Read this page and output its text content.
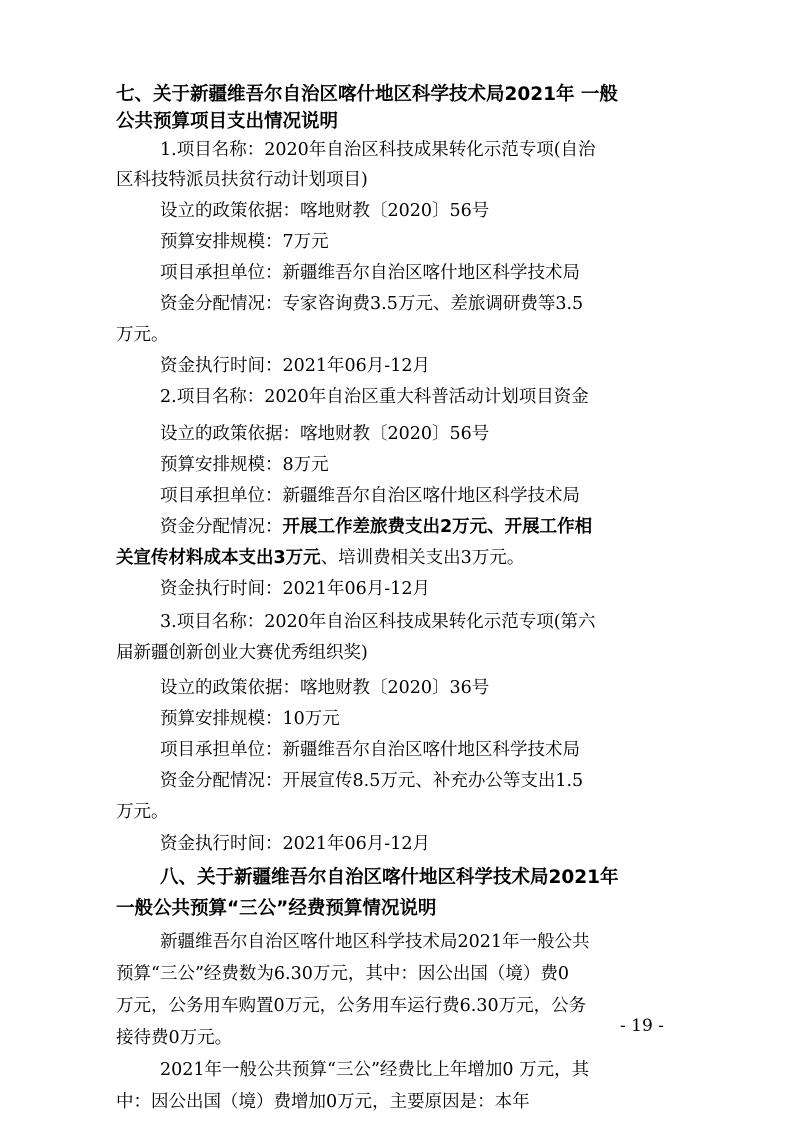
七、关于新疆维吾尔自治区喀什地区科学技术局2021年 一般
公共预算项目支出情况说明
1.项目名称：2020年自治区科技成果转化示范专项(自治
区科技特派员扶贫行动计划项目)
设立的政策依据：喀地财教〔2020〕56号
预算安排规模：7万元
项目承担单位：新疆维吾尔自治区喀什地区科学技术局
资金分配情况：专家咨询费3.5万元、差旅调研费等3.5
万元。
资金执行时间：2021年06月-12月
2.项目名称：2020年自治区重大科普活动计划项目资金
设立的政策依据：喀地财教〔2020〕56号
预算安排规模：8万元
项目承担单位：新疆维吾尔自治区喀什地区科学技术局
资金分配情况：开展工作差旅费支出2万元、开展工作相
关宣传材料成本支出3万元、培训费相关支出3万元。
资金执行时间：2021年06月-12月
3.项目名称：2020年自治区科技成果转化示范专项(第六
届新疆创新创业大赛优秀组织奖)
设立的政策依据：喀地财教〔2020〕36号
预算安排规模：10万元
项目承担单位：新疆维吾尔自治区喀什地区科学技术局
资金分配情况：开展宣传8.5万元、补充办公等支出1.5
万元。
资金执行时间：2021年06月-12月
八、关于新疆维吾尔自治区喀什地区科学技术局2021年
一般公共预算“三公”经费预算情况说明
新疆维吾尔自治区喀什地区科学技术局2021年一般公共
预算“三公”经费数为6.30万元，其中：因公出国（境）费0
万元，公务用车购置0万元，公务用车运行费6.30万元，公务
接待费0万元。
2021年一般公共预算“三公”经费比上年增加0 万元，其
中：因公出国（境）费增加0万元，主要原因是：本年
- 19 -
